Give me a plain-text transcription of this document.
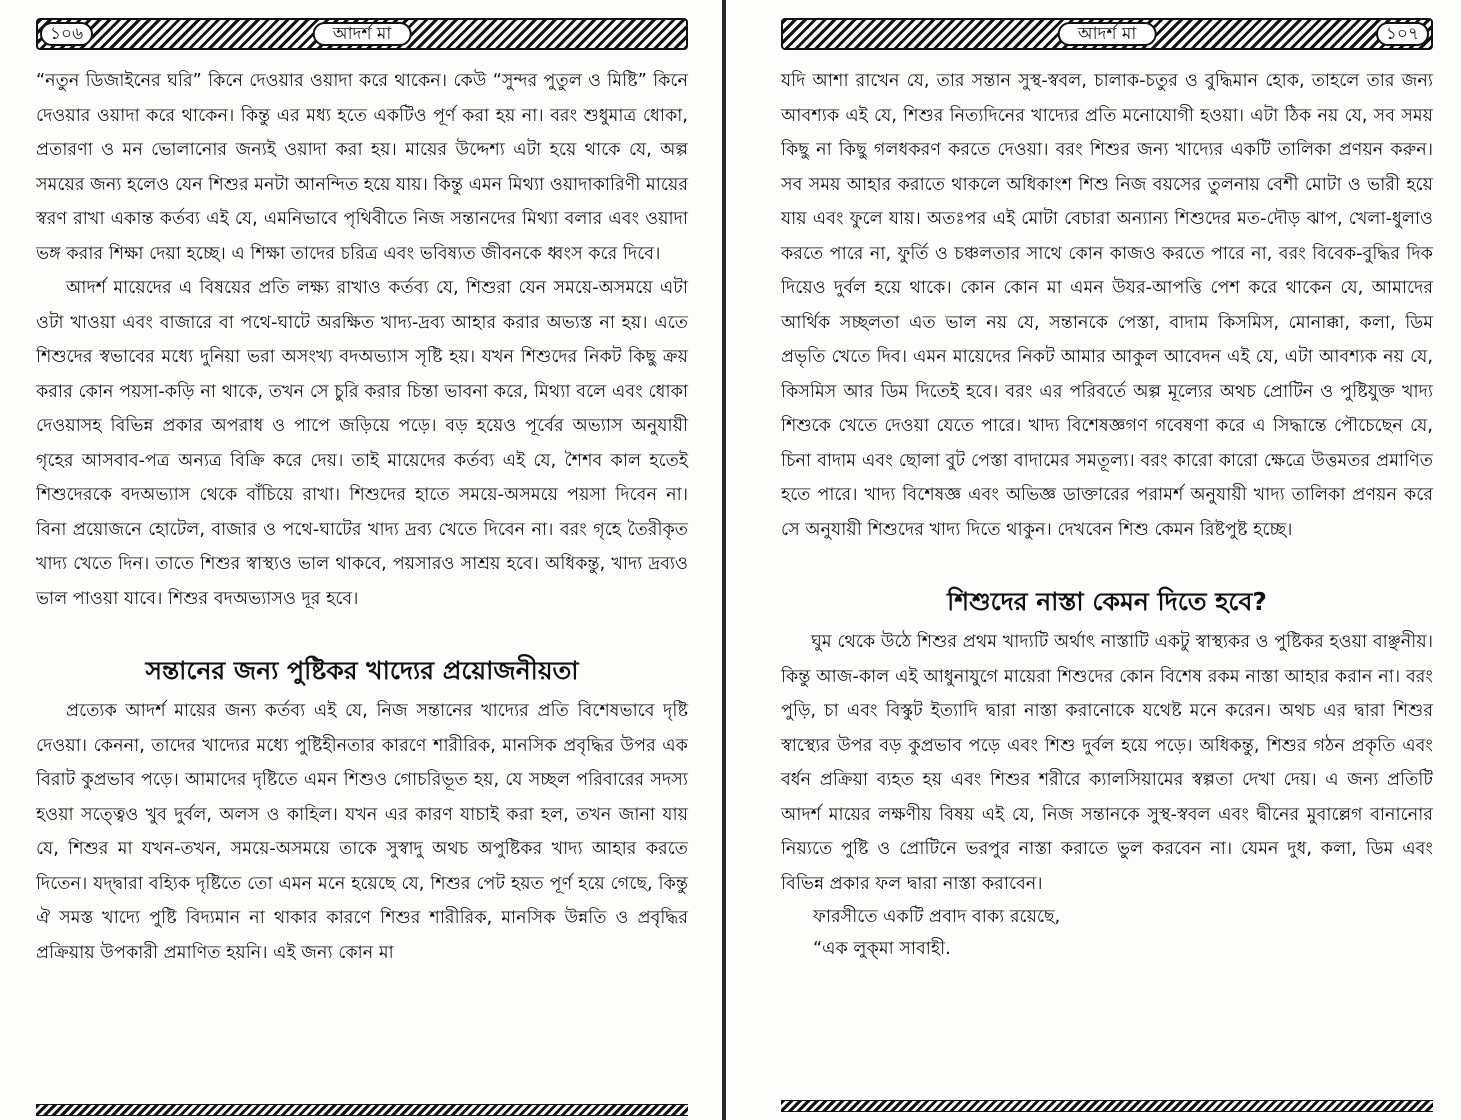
১০৬	আদর্শ মা

“নতুন ডিজাইনের ঘরি” কিনে দেওয়ার ওয়াদা করে থাকেন। কেউ “সুন্দর পুতুল ও মিষ্টি” কিনে দেওয়ার ওয়াদা করে থাকেন। কিন্তু এর মধ্য হতে একটিও পূর্ণ করা হয় না। বরং শুধুমাত্র ধোকা, প্রতারণা ও মন ভোলানোর জন্যই ওয়াদা করা হয়। মায়ের উদ্দেশ্য এটা হয়ে থাকে যে, অল্প সময়ের জন্য হলেও যেন শিশুর মনটা আনন্দিত হয়ে যায়। কিন্তু এমন মিথ্যা ওয়াদাকারিণী মায়ের স্বরণ রাখা একান্ত কর্তব্য এই যে, এমনিভাবে পৃথিবীতে নিজ সন্তানদের মিথ্যা বলার এবং ওয়াদা ভঙ্গ করার শিক্ষা দেয়া হচ্ছে। এ শিক্ষা তাদের চরিত্র এবং ভবিষ্যত জীবনকে ধ্বংস করে দিবে।

আদর্শ মায়েদের এ বিষয়ের প্রতি লক্ষ্য রাখাও কর্তব্য যে, শিশুরা যেন সময়ে-অসময়ে এটা ওটা খাওয়া এবং বাজারে বা পথে-ঘাটে অরক্ষিত খাদ্য-দ্রব্য আহার করার অভ্যস্ত না হয়। এতে শিশুদের স্বভাবের মধ্যে দুনিয়া ভরা অসংখ্য বদঅভ্যাস সৃষ্টি হয়। যখন শিশুদের নিকট কিছু ক্রয় করার কোন পয়সা-কড়ি না থাকে, তখন সে চুরি করার চিন্তা ভাবনা করে, মিথ্যা বলে এবং ধোকা দেওয়াসহ বিভিন্ন প্রকার অপরাধ ও পাপে জড়িয়ে পড়ে। বড় হয়েও পূর্বের অভ্যাস অনুযায়ী গৃহের আসবাব-পত্র অন্যত্র বিক্রি করে দেয়। তাই মায়েদের কর্তব্য এই যে, শৈশব কাল হতেই শিশুদেরকে বদঅভ্যাস থেকে বাঁচিয়ে রাখা। শিশুদের হাতে সময়ে-অসময়ে পয়সা দিবেন না। বিনা প্রয়োজনে হোটেল, বাজার ও পথে-ঘাটের খাদ্য দ্রব্য খেতে দিবেন না। বরং গৃহে তৈরীকৃত খাদ্য খেতে দিন। তাতে শিশুর স্বাস্থ্যও ভাল থাকবে, পয়সারও সাশ্রয় হবে। অধিকন্তু, খাদ্য দ্রব্যও ভাল পাওয়া যাবে। শিশুর বদঅভ্যাসও দূর হবে।

সন্তানের জন্য পুষ্টিকর খাদ্যের প্রয়োজনীয়তা

প্রত্যেক আদর্শ মায়ের জন্য কর্তব্য এই যে, নিজ সন্তানের খাদ্যের প্রতি বিশেষভাবে দৃষ্টি দেওয়া। কেননা, তাদের খাদ্যের মধ্যে পুষ্টিহীনতার কারণে শারীরিক, মানসিক প্রবৃদ্ধির উপর এক বিরাট কুপ্রভাব পড়ে। আমাদের দৃষ্টিতে এমন শিশুও গোচরিভূত হয়, যে সচ্ছল পরিবারের সদস্য হওয়া সত্ত্বেও খুব দুর্বল, অলস ও কাহিল। যখন এর কারণ যাচাই করা হল, তখন জানা যায় যে, শিশুর মা যখন-তখন, সময়ে-অসময়ে তাকে সুস্বাদু অথচ অপুষ্টিকর খাদ্য আহার করতে দিতেন। যদ্দ্বারা বহ্যিক দৃষ্টিতে তো এমন মনে হয়েছে যে, শিশুর পেট হয়ত পূর্ণ হয়ে গেছে, কিন্তু ঐ সমস্ত খাদ্যে পুষ্টি বিদ্যমান না থাকার কারণে শিশুর শারীরিক, মানসিক উন্নতি ও প্রবৃদ্ধির প্রক্রিয়ায় উপকারী প্রমাণিত হয়নি। এই জন্য কোন মা

আদর্শ মা	১০৭

যদি আশা রাখেন যে, তার সন্তান সুস্থ-স্ববল, চালাক-চতুর ও বুদ্ধিমান হোক, তাহলে তার জন্য আবশ্যক এই যে, শিশুর নিত্যদিনের খাদ্যের প্রতি মনোযোগী হওয়া। এটা ঠিক নয় যে, সব সময় কিছু না কিছু গলধকরণ করতে দেওয়া। বরং শিশুর জন্য খাদ্যের একটি তালিকা প্রণয়ন করুন। সব সময় আহার করাতে থাকলে অধিকাংশ শিশু নিজ বয়সের তুলনায় বেশী মোটা ও ভারী হয়ে যায় এবং ফুলে যায়। অতঃপর এই মোটা বেচারা অন্যান্য শিশুদের মত-দৌড় ঝাপ, খেলা-ধুলাও করতে পারে না, ফুর্তি ও চঞ্চলতার সাথে কোন কাজও করতে পারে না, বরং বিবেক-বুদ্ধির দিক দিয়েও দুর্বল হয়ে থাকে। কোন কোন মা এমন উযর-আপত্তি পেশ করে থাকেন যে, আমাদের আর্থিক সচ্ছলতা এত ভাল নয় যে, সন্তানকে পেস্তা, বাদাম কিসমিস, মোনাক্কা, কলা, ডিম প্রভৃতি খেতে দিব। এমন মায়েদের নিকট আমার আকুল আবেদন এই যে, এটা আবশ্যক নয় যে, কিসমিস আর ডিম দিতেই হবে। বরং এর পরিবর্তে অল্প মূল্যের অথচ প্রোটিন ও পুষ্টিযুক্ত খাদ্য শিশুকে খেতে দেওয়া যেতে পারে। খাদ্য বিশেষজ্ঞগণ গবেষণা করে এ সিদ্ধান্তে পৌচেছেন যে, চিনা বাদাম এবং ছোলা বুট পেস্তা বাদামের সমতূল্য। বরং কারো কারো ক্ষেত্রে উত্তমতর প্রমাণিত হতে পারে। খাদ্য বিশেষজ্ঞ এবং অভিজ্ঞ ডাক্তারের পরামর্শ অনুযায়ী খাদ্য তালিকা প্রণয়ন করে সে অনুযায়ী শিশুদের খাদ্য দিতে থাকুন। দেখবেন শিশু কেমন রিষ্টপুষ্ট হচ্ছে।

শিশুদের নাস্তা কেমন দিতে হবে?

ঘুম থেকে উঠে শিশুর প্রথম খাদ্যটি অর্থাৎ নাস্তাটি একটু স্বাস্থ্যকর ও পুষ্টিকর হওয়া বাঞ্ছনীয়। কিন্তু আজ-কাল এই আধুনাযুগে মায়েরা শিশুদের কোন বিশেষ রকম নাস্তা আহার করান না। বরং পুড়ি, চা এবং বিস্কুট ইত্যাদি দ্বারা নাস্তা করানোকে যথেষ্ট মনে করেন। অথচ এর দ্বারা শিশুর স্বাস্থ্যের উপর বড় কুপ্রভাব পড়ে এবং শিশু দুর্বল হয়ে পড়ে। অধিকন্তু, শিশুর গঠন প্রকৃতি এবং বর্ধন প্রক্রিয়া ব্যহত হয় এবং শিশুর শরীরে ক্যালসিয়ামের স্বল্পতা দেখা দেয়। এ জন্য প্রতিটি আদর্শ মায়ের লক্ষণীয় বিষয় এই যে, নিজ সন্তানকে সুস্থ-স্ববল এবং দ্বীনের মুবাল্লেগ বানানোর নিয়্যতে পুষ্টি ও প্রোটিনে ভরপুর নাস্তা করাতে ভুল করবেন না। যেমন দুধ, কলা, ডিম এবং বিভিন্ন প্রকার ফল দ্বারা নাস্তা করাবেন।

ফারসীতে একটি প্রবাদ বাক্য রয়েছে,

“এক লুক্‌মা সাবাহী.
